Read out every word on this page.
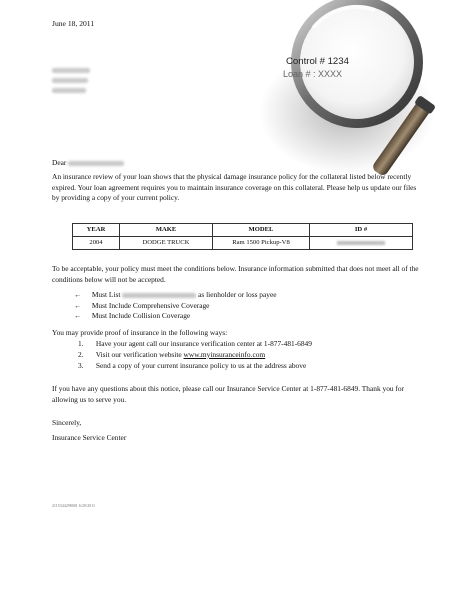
June 18, 2011
Control # 1234
Loan # : XXXX
Dear
An insurance review of your loan shows that the physical damage insurance policy for the collateral listed below recently expired. Your loan agreement requires you to maintain insurance coverage on this collateral. Please help us update our files by providing a copy of your current policy.
YEAR	MAKE	MODEL	ID #
2004	DODGE TRUCK	Ram 1500 Pickup-V8	
To be acceptable, your policy must meet the conditions below. Insurance information submitted that does not meet all of the conditions below will not be accepted.
← Must List	as lienholder or loss payee
← Must Include Comprehensive Coverage
← Must Include Collision Coverage
You may provide proof of insurance in the following ways:
1. Have your agent call our insurance verification center at 1-877-481-6849
2. Visit our verification website www.myinsuranceinfo.com
3. Send a copy of your current insurance policy to us at the address above
If you have any questions about this notice, please call our Insurance Service Center at 1-877-481-6849. Thank you for allowing us to serve you.
Sincerely,
Insurance Service Center
2115344298001 6/20/2011
